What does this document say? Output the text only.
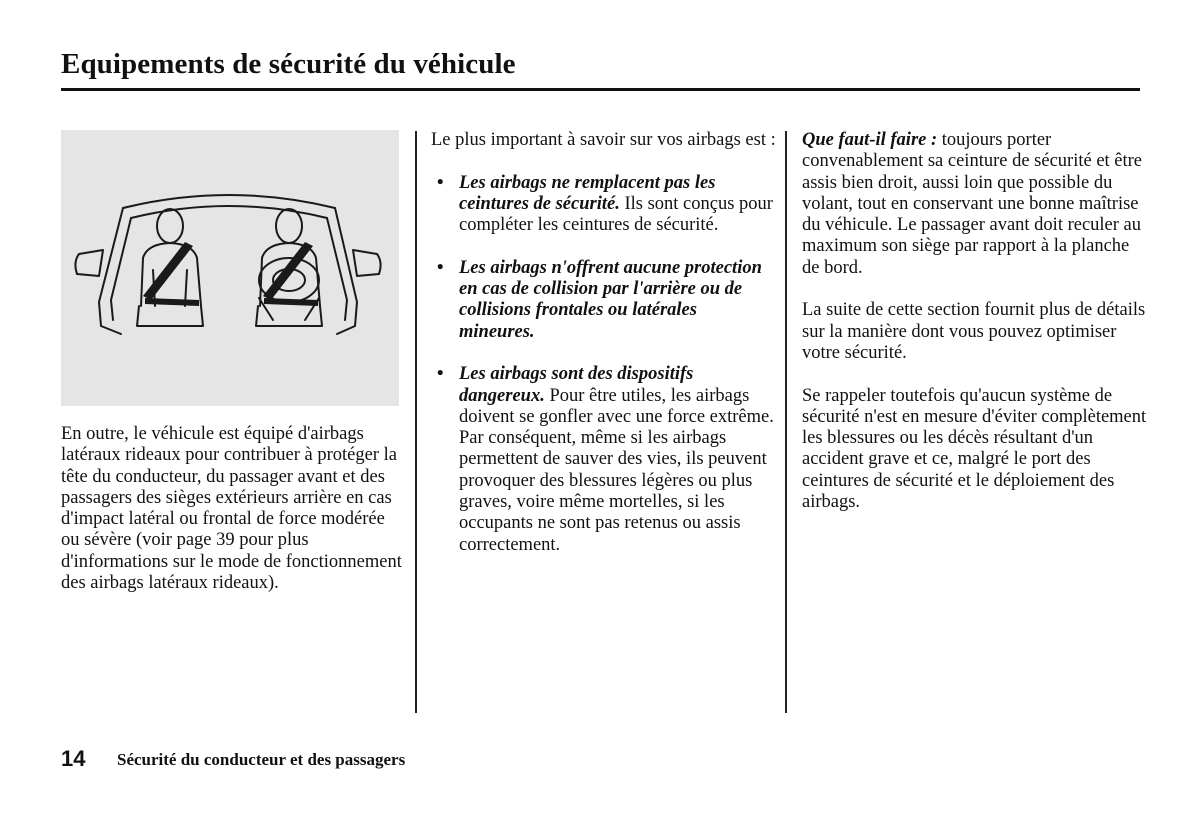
Equipements de sécurité du véhicule

En outre, le véhicule est équipé d'airbags latéraux rideaux pour contribuer à protéger la tête du conducteur, du passager avant et des passagers des sièges extérieurs arrière en cas d'impact latéral ou frontal de force modérée ou sévère (voir page 39 pour plus d'informations sur le mode de fonctionnement des airbags latéraux rideaux).

Le plus important à savoir sur vos airbags est :

• Les airbags ne remplacent pas les ceintures de sécurité. Ils sont conçus pour compléter les ceintures de sécurité.
• Les airbags n'offrent aucune protection en cas de collision par l'arrière ou de collisions frontales ou latérales mineures.
• Les airbags sont des dispositifs dangereux. Pour être utiles, les airbags doivent se gonfler avec une force extrême. Par conséquent, même si les airbags permettent de sauver des vies, ils peuvent provoquer des blessures légères ou plus graves, voire même mortelles, si les occupants ne sont pas retenus ou assis correctement.

Que faut-il faire : toujours porter convenablement sa ceinture de sécurité et être assis bien droit, aussi loin que possible du volant, tout en conservant une bonne maîtrise du véhicule. Le passager avant doit reculer au maximum son siège par rapport à la planche de bord.

La suite de cette section fournit plus de détails sur la manière dont vous pouvez optimiser votre sécurité.

Se rappeler toutefois qu'aucun système de sécurité n'est en mesure d'éviter complètement les blessures ou les décès résultant d'un accident grave et ce, malgré le port des ceintures de sécurité et le déploiement des airbags.

14 Sécurité du conducteur et des passagers
